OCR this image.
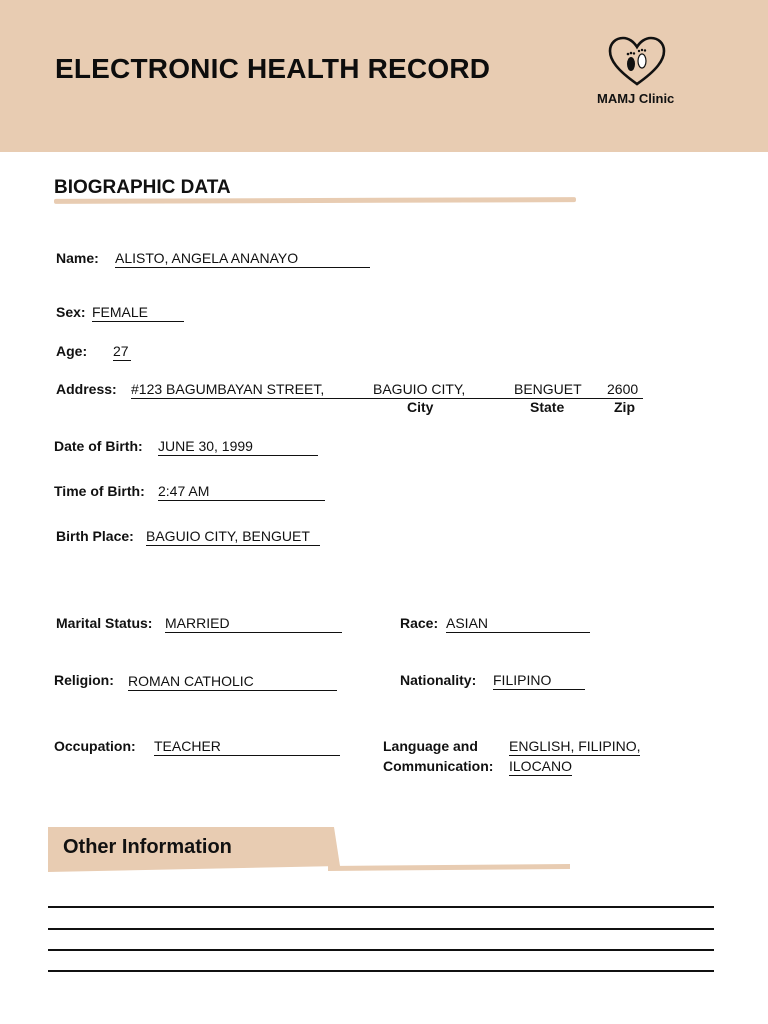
ELECTRONIC HEALTH RECORD
MAMJ Clinic
BIOGRAPHIC DATA
Name: ALISTO, ANGELA ANANAYO
Sex: FEMALE
Age: 27
Address: #123 BAGUMBAYAN STREET,	BAGUIO CITY,	BENGUET	2600
City	State	Zip
Date of Birth: JUNE 30, 1999
Time of Birth: 2:47 AM
Birth Place: BAGUIO CITY, BENGUET
Marital Status: MARRIED	Race: ASIAN
Religion: ROMAN CATHOLIC	Nationality: FILIPINO
Occupation: TEACHER	Language and
Communication:
ENGLISH, FILIPINO,
ILOCANO
Other Information
